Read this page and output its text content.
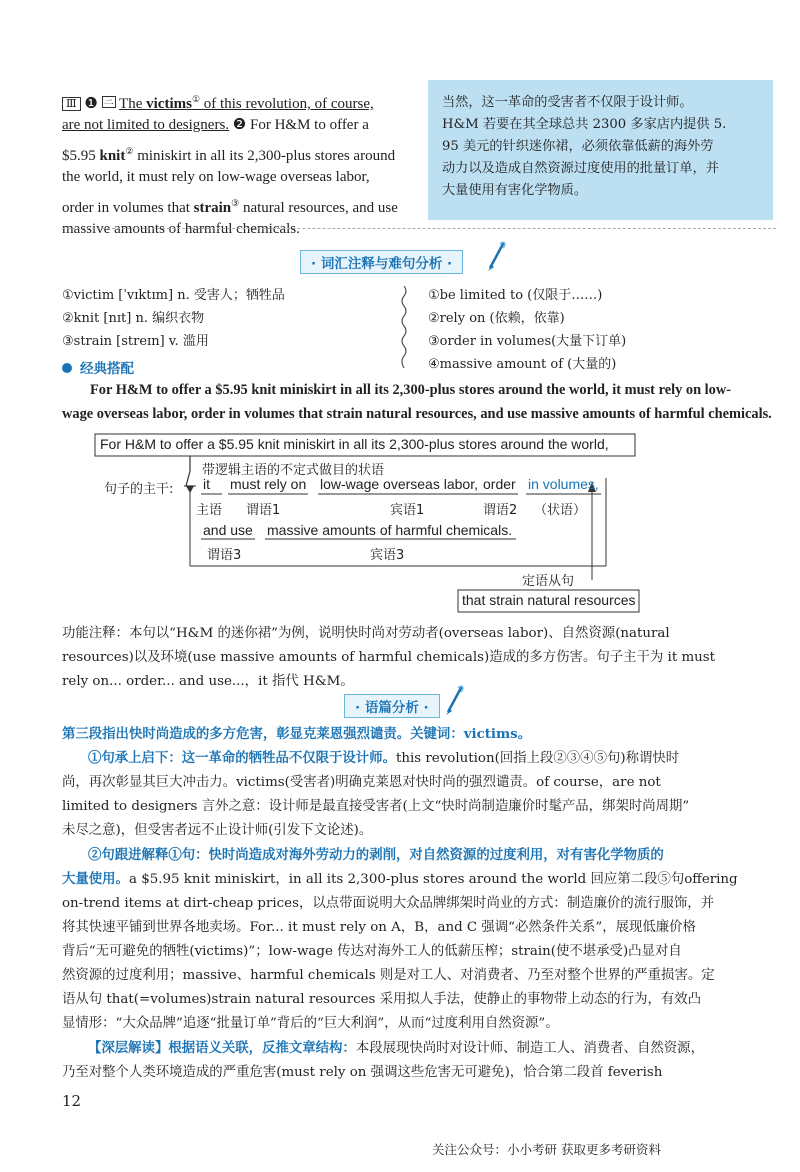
Ⅲ ❶ 三 The victims① of this revolution, of course,
are not limited to designers. ❷ For H&M to offer a
$5.95 knit② miniskirt in all its 2,300-plus stores around
the world, it must rely on low-wage overseas labor,
order in volumes that strain③ natural resources, and use
massive amounts of harmful chemicals.
当然，这一革命的受害者不仅限于设计师。
H&M 若要在其全球总共 2300 多家店内提供 5.
95 美元的针织迷你裙，必须依靠低薪的海外劳
动力以及造成自然资源过度使用的批量订单，并
大量使用有害化学物质。
· 词汇注释与难句分析 ·
①victim [ˈvɪktɪm] n. 受害人；牺牲品
②knit [nɪt] n. 编织衣物
③strain [streɪn] v. 滥用
①be limited to (仅限于……)
②rely on (依赖，依靠)
③order in volumes(大量下订单)
④massive amount of (大量的)
经典搭配
For H&M to offer a $5.95 knit miniskirt in all its 2,300-plus stores around the world, it must rely on low-
wage overseas labor, order in volumes that strain natural resources, and use massive amounts of harmful chemicals.
For H&M to offer a $5.95 knit miniskirt in all its 2,300-plus stores around the world,
带逻辑主语的不定式做目的状语
句子的主干: it must rely on low-wage overseas labor, order in volumes,
主语 谓语1	宾语1	谓语2 （状语）
and use massive amounts of harmful chemicals.
谓语3	宾语3
定语从句
that strain natural resources
功能注释：本句以“H&M 的迷你裙”为例，说明快时尚对劳动者(overseas labor)、自然资源(natural
resources)以及环境(use massive amounts of harmful chemicals)造成的多方伤害。句子主干为 it must
rely on... order... and use...，it 指代 H&M。
· 语篇分析 ·
第三段指出快时尚造成的多方危害，彰显克莱恩强烈谴责。关键词：victims。
①句承上启下：这一革命的牺牲品不仅限于设计师。this revolution(回指上段②③④⑤句)称谓快时
尚，再次彰显其巨大冲击力。victims(受害者)明确克莱恩对快时尚的强烈谴责。of course，are not
limited to designers 言外之意：设计师是最直接受害者(上文“快时尚制造廉价时髦产品，绑架时尚周期”
未尽之意)，但受害者远不止设计师(引发下文论述)。
②句跟进解释①句：快时尚造成对海外劳动力的剥削，对自然资源的过度利用，对有害化学物质的
大量使用。a $5.95 knit miniskirt，in all its 2,300-plus stores around the world 回应第二段⑤句offering
on-trend items at dirt-cheap prices，以点带面说明大众品牌绑架时尚业的方式：制造廉价的流行服饰，并
将其快速平铺到世界各地卖场。For... it must rely on A，B，and C 强调“必然条件关系”，展现低廉价格
背后“无可避免的牺牲(victims)”；low-wage 传达对海外工人的低薪压榨；strain(使不堪承受)凸显对自
然资源的过度利用；massive、harmful chemicals 则是对工人、对消费者、乃至对整个世界的严重损害。定
语从句 that(=volumes)strain natural resources 采用拟人手法，使静止的事物带上动态的行为，有效凸
显情形：“大众品牌”追逐“批量订单”背后的“巨大利润”，从而“过度利用自然资源”。
【深层解读】根据语义关联，反推文章结构：本段展现快尚时对设计师、制造工人、消费者、自然资源，
乃至对整个人类环境造成的严重危害(must rely on 强调这些危害无可避免)，恰合第二段首 feverish
12
关注公众号：小小考研 获取更多考研资料
